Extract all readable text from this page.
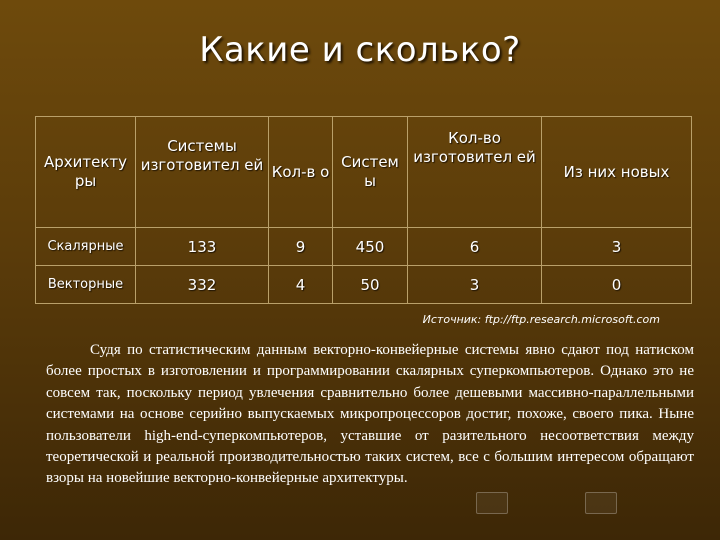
Какие и сколько?
Архитекту ры	Системы изготовител ей	Кол-в о	Систем ы	Кол-во изготовител ей	Из них новых
Скалярные	133	9	450	6	3
Векторные	332	4	50	3	0
Источник: ftp://ftp.research.microsoft.com

Судя по статистическим данным векторно-конвейерные системы явно сдают под натиском более простых в изготовлении и программировании скалярных суперкомпьютеров. Однако это не совсем так, поскольку период увлечения сравнительно более дешевыми массивно-параллельными системами на основе серийно выпускаемых микропроцессоров достиг, похоже, своего пика. Ныне пользователи high-end-суперкомпьютеров, уставшие от разительного несоответствия между теоретической и реальной производительностью таких систем, все с большим интересом обращают взоры на новейшие векторно-конвейерные архитектуры.
